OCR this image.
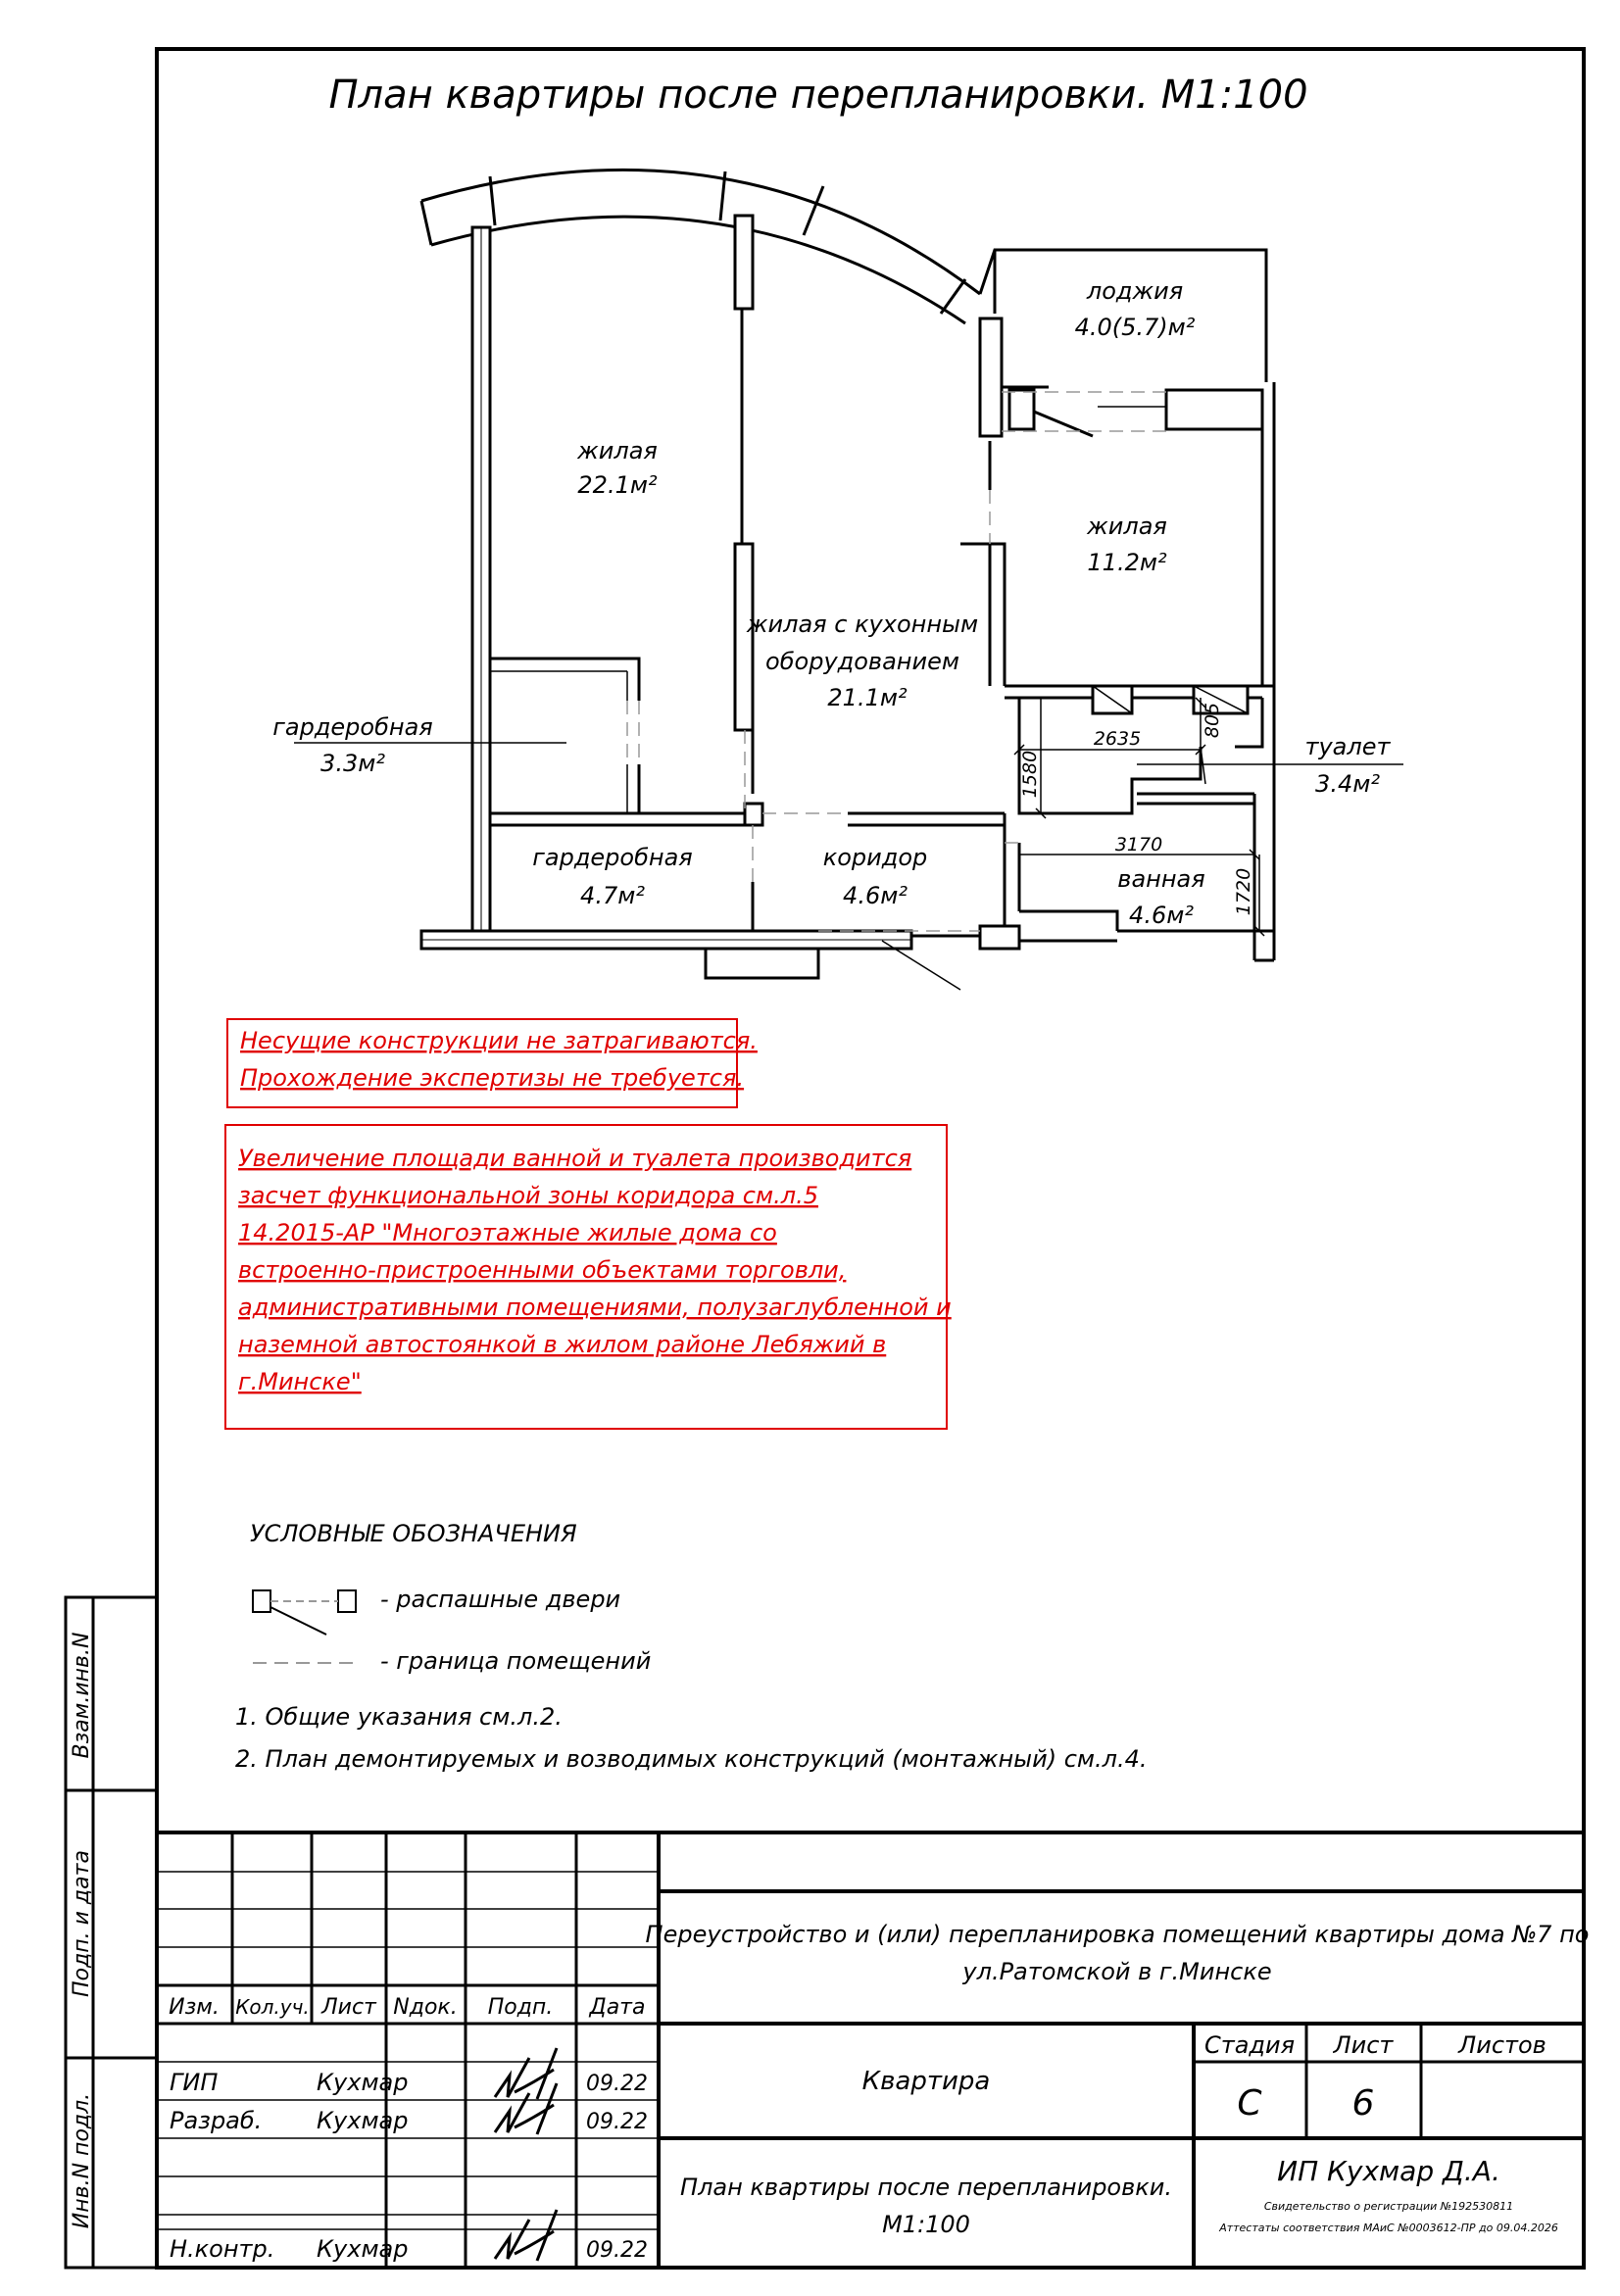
План квартиры после перепланировки. М1:100
жилая
22.1м²
лоджия
4.0(5.7)м²
жилая
11.2м²
жилая с кухонным
оборудованием
21.1м²
гардеробная
3.3м²
туалет
3.4м²
гардеробная
4.7м²
коридор
4.6м²
ванная
4.6м²
2635
805
1580
3170
1720
Несущие конструкции не затрагиваются.
Прохождение экспертизы не требуется.
Увеличение площади ванной и туалета производится
засчет функциональной зоны коридора см.л.5
14.2015-АР "Многоэтажные жилые дома со
встроенно-пристроенными объектами торговли,
административными помещениями, полузаглубленной и
наземной автостоянкой в жилом районе Лебяжий в
г.Минске"
УСЛОВНЫЕ ОБОЗНАЧЕНИЯ
- распашные двери
- граница помещений
1. Общие указания см.л.2.
2. План демонтируемых и возводимых конструкций (монтажный) см.л.4.
Взам.инв.N
Подп. и дата
Инв.N подл.
Изм. Кол.уч. Лист Nдок. Подп. Дата
ГИП	Кухмар	09.22
Разраб. Кухмар	09.22
Н.контр. Кухмар	09.22
Переустройство и (или) перепланировка помещений квартиры дома №7 по
ул.Ратомской в г.Минске
Квартира
План квартиры после перепланировки.
М1:100
Стадия Лист	Листов
С	6
ИП Кухмар Д.А.
Свидетельство о регистрации №192530811
Аттестаты соответствия МАиС №0003612-ПР до 09.04.2026
